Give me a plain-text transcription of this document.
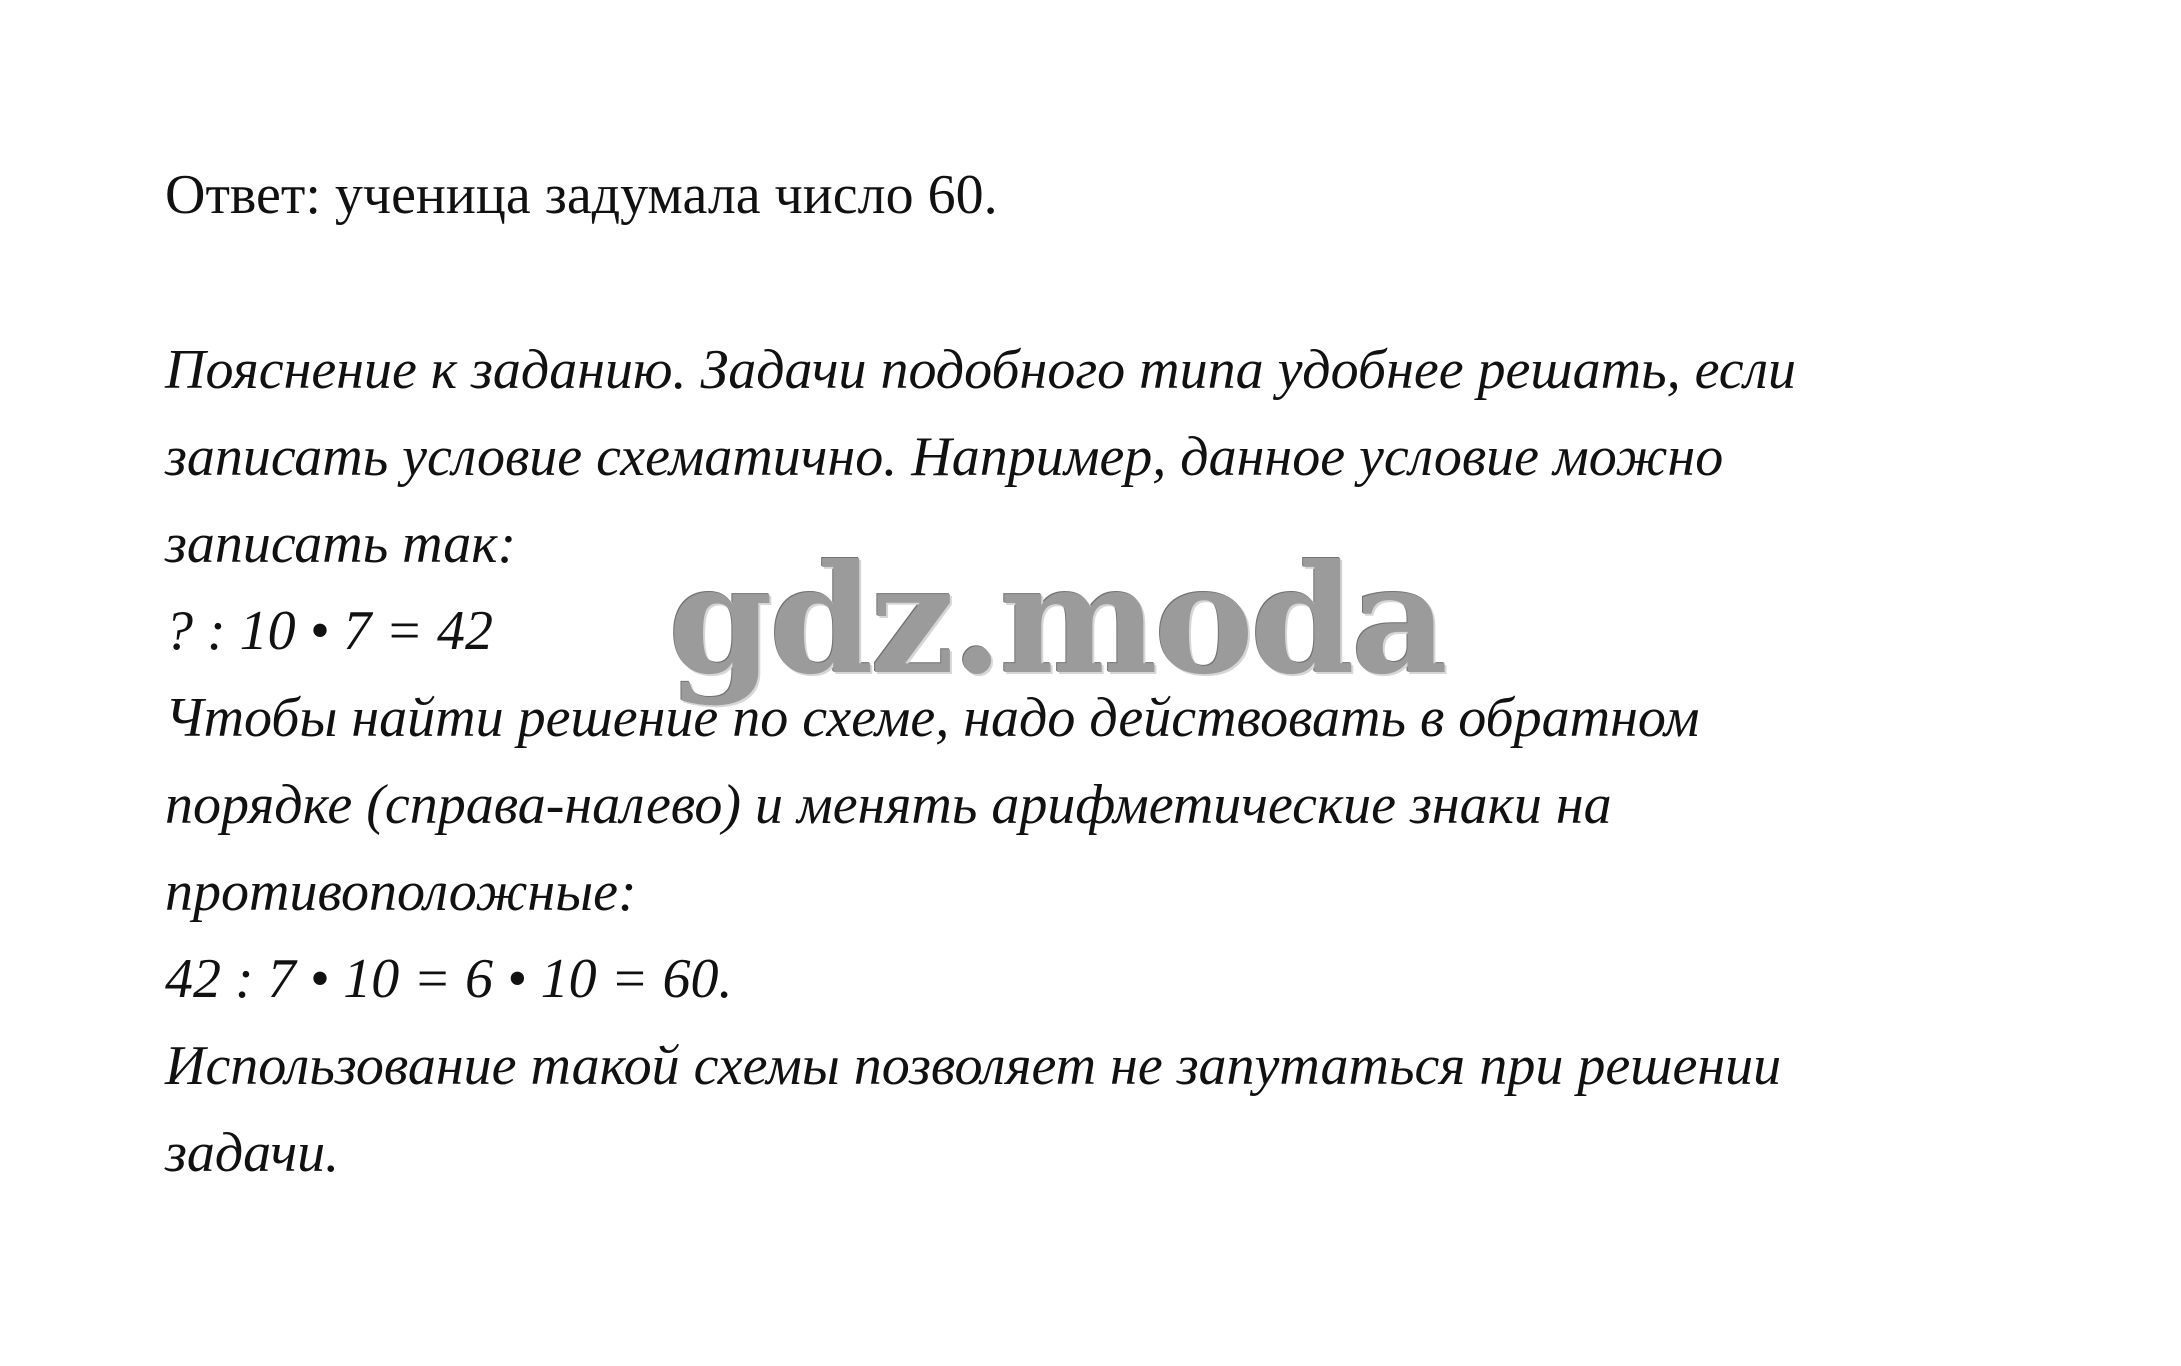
Ответ: ученица задумала число 60.

Пояснение к заданию. Задачи подобного типа удобнее решать, если
записать условие схематично. Например, данное условие можно
записать так:
? : 10 • 7 = 42
Чтобы найти решение по схеме, надо действовать в обратном
порядке (справа-налево) и менять арифметические знаки на
противоположные:
42 : 7 • 10 = 6 • 10 = 60.
Использование такой схемы позволяет не запутаться при решении
задачи.
gdz.moda
